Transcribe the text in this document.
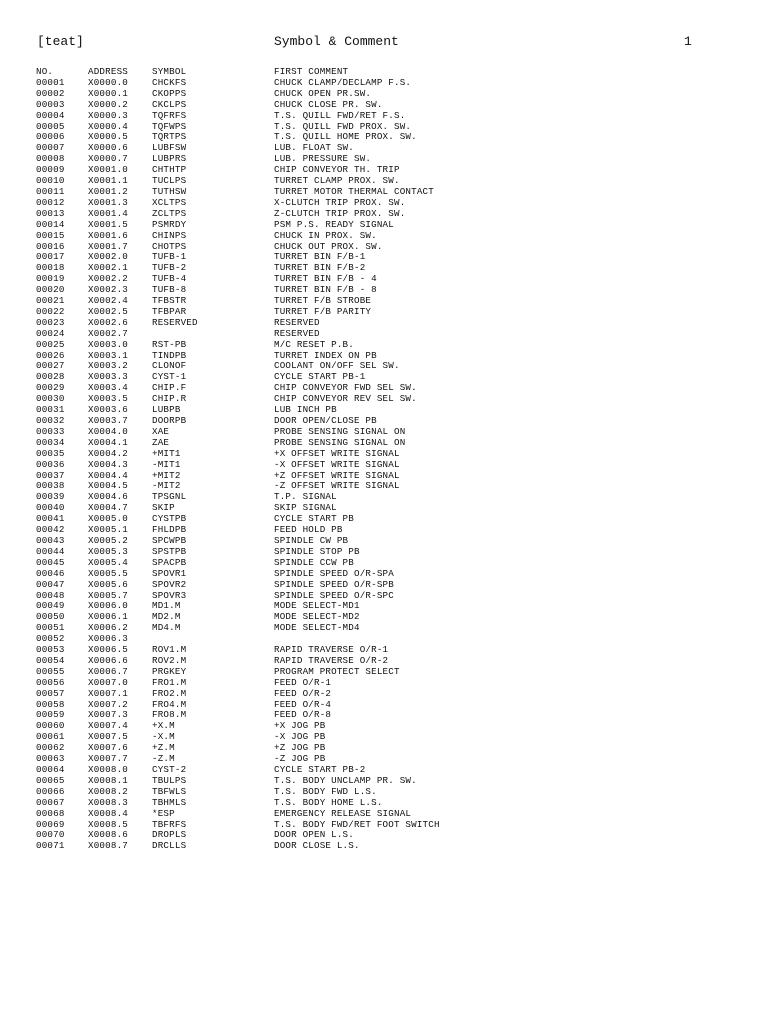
[teat]	Symbol & Comment	1
NO.	ADDRESS	SYMBOL	FIRST COMMENT
00001	X0000.0	CHCKFS	CHUCK CLAMP/DECLAMP F.S.
00002	X0000.1	CKOPPS	CHUCK OPEN PR.SW.
00003	X0000.2	CKCLPS	CHUCK CLOSE PR. SW.
00004	X0000.3	TQFRFS	T.S. QUILL FWD/RET F.S.
00005	X0000.4	TQFWPS	T.S. QUILL FWD PROX. SW.
00006	X0000.5	TQRTPS	T.S. QUILL HOME PROX. SW.
00007	X0000.6	LUBFSW	LUB. FLOAT SW.
00008	X0000.7	LUBPRS	LUB. PRESSURE SW.
00009	X0001.0	CHTHTP	CHIP CONVEYOR TH. TRIP
00010	X0001.1	TUCLPS	TURRET CLAMP PROX. SW.
00011	X0001.2	TUTHSW	TURRET MOTOR THERMAL CONTACT
00012	X0001.3	XCLTPS	X-CLUTCH TRIP PROX. SW.
00013	X0001.4	ZCLTPS	Z-CLUTCH TRIP PROX. SW.
00014	X0001.5	PSMRDY	PSM P.S. READY SIGNAL
00015	X0001.6	CHINPS	CHUCK IN PROX. SW.
00016	X0001.7	CHOTPS	CHUCK OUT PROX. SW.
00017	X0002.0	TUFB-1	TURRET BIN F/B-1
00018	X0002.1	TUFB-2	TURRET BIN F/B-2
00019	X0002.2	TUFB-4	TURRET BIN F/B - 4
00020	X0002.3	TUFB-8	TURRET BIN F/B - 8
00021	X0002.4	TFBSTR	TURRET F/B STROBE
00022	X0002.5	TFBPAR	TURRET F/B PARITY
00023	X0002.6	RESERVED	RESERVED
00024	X0002.7		RESERVED
00025	X0003.0	RST-PB	M/C RESET P.B.
00026	X0003.1	TINDPB	TURRET INDEX ON PB
00027	X0003.2	CLONOF	COOLANT ON/OFF SEL SW.
00028	X0003.3	CYST-1	CYCLE START PB-1
00029	X0003.4	CHIP.F	CHIP CONVEYOR FWD SEL SW.
00030	X0003.5	CHIP.R	CHIP CONVEYOR REV SEL SW.
00031	X0003.6	LUBPB	LUB INCH PB
00032	X0003.7	DOORPB	DOOR OPEN/CLOSE PB
00033	X0004.0	XAE	PROBE SENSING SIGNAL ON
00034	X0004.1	ZAE	PROBE SENSING SIGNAL ON
00035	X0004.2	+MIT1	+X OFFSET WRITE SIGNAL
00036	X0004.3	-MIT1	-X OFFSET WRITE SIGNAL
00037	X0004.4	+MIT2	+Z OFFSET WRITE SIGNAL
00038	X0004.5	-MIT2	-Z OFFSET WRITE SIGNAL
00039	X0004.6	TPSGNL	T.P. SIGNAL
00040	X0004.7	SKIP	SKIP SIGNAL
00041	X0005.0	CYSTPB	CYCLE START PB
00042	X0005.1	FHLDPB	FEED HOLD PB
00043	X0005.2	SPCWPB	SPINDLE CW PB
00044	X0005.3	SPSTPB	SPINDLE STOP PB
00045	X0005.4	SPACPB	SPINDLE CCW PB
00046	X0005.5	SPOVR1	SPINDLE SPEED O/R-SPA
00047	X0005.6	SPOVR2	SPINDLE SPEED O/R-SPB
00048	X0005.7	SPOVR3	SPINDLE SPEED O/R-SPC
00049	X0006.0	MD1.M	MODE SELECT-MD1
00050	X0006.1	MD2.M	MODE SELECT-MD2
00051	X0006.2	MD4.M	MODE SELECT-MD4
00052	X0006.3		
00053	X0006.5	ROV1.M	RAPID TRAVERSE O/R-1
00054	X0006.6	ROV2.M	RAPID TRAVERSE O/R-2
00055	X0006.7	PRGKEY	PROGRAM PROTECT SELECT
00056	X0007.0	FRO1.M	FEED O/R-1
00057	X0007.1	FRO2.M	FEED O/R-2
00058	X0007.2	FRO4.M	FEED O/R-4
00059	X0007.3	FRO8.M	FEED O/R-8
00060	X0007.4	+X.M	+X JOG PB
00061	X0007.5	-X.M	-X JOG PB
00062	X0007.6	+Z.M	+Z JOG PB
00063	X0007.7	-Z.M	-Z JOG PB
00064	X0008.0	CYST-2	CYCLE START PB-2
00065	X0008.1	TBULPS	T.S. BODY UNCLAMP PR. SW.
00066	X0008.2	TBFWLS	T.S. BODY FWD L.S.
00067	X0008.3	TBHMLS	T.S. BODY HOME L.S.
00068	X0008.4	*ESP	EMERGENCY RELEASE SIGNAL
00069	X0008.5	TBFRFS	T.S. BODY FWD/RET FOOT SWITCH
00070	X0008.6	DROPLS	DOOR OPEN L.S.
00071	X0008.7	DRCLLS	DOOR CLOSE L.S.
